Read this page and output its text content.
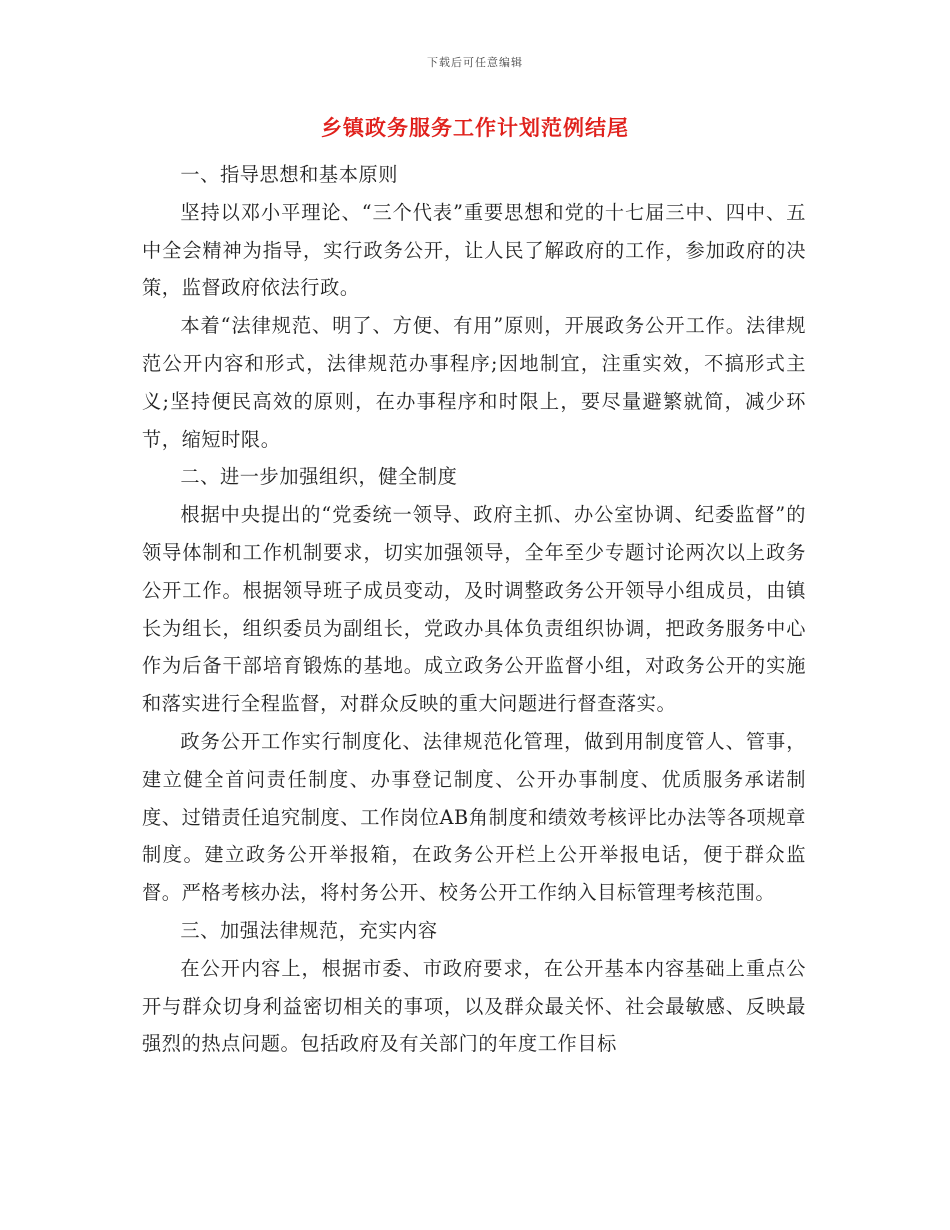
下载后可任意编辑
乡镇政务服务工作计划范例结尾

一、指导思想和基本原则

坚持以邓小平理论、“三个代表”重要思想和党的十七届三中、四中、五中全会精神为指导，实行政务公开，让人民了解政府的工作，参加政府的决策，监督政府依法行政。

本着“法律规范、明了、方便、有用”原则，开展政务公开工作。法律规范公开内容和形式，法律规范办事程序;因地制宜，注重实效，不搞形式主义;坚持便民高效的原则，在办事程序和时限上，要尽量避繁就简，减少环节，缩短时限。

二、进一步加强组织，健全制度

根据中央提出的“党委统一领导、政府主抓、办公室协调、纪委监督”的领导体制和工作机制要求，切实加强领导，全年至少专题讨论两次以上政务公开工作。根据领导班子成员变动，及时调整政务公开领导小组成员，由镇长为组长，组织委员为副组长，党政办具体负责组织协调，把政务服务中心作为后备干部培育锻炼的基地。成立政务公开监督小组，对政务公开的实施和落实进行全程监督，对群众反映的重大问题进行督查落实。

政务公开工作实行制度化、法律规范化管理，做到用制度管人、管事，建立健全首问责任制度、办事登记制度、公开办事制度、优质服务承诺制度、过错责任追究制度、工作岗位AB角制度和绩效考核评比办法等各项规章制度。建立政务公开举报箱，在政务公开栏上公开举报电话，便于群众监督。严格考核办法，将村务公开、校务公开工作纳入目标管理考核范围。

三、加强法律规范，充实内容

在公开内容上，根据市委、市政府要求，在公开基本内容基础上重点公开与群众切身利益密切相关的事项，以及群众最关怀、社会最敏感、反映最强烈的热点问题。包括政府及有关部门的年度工作目标
